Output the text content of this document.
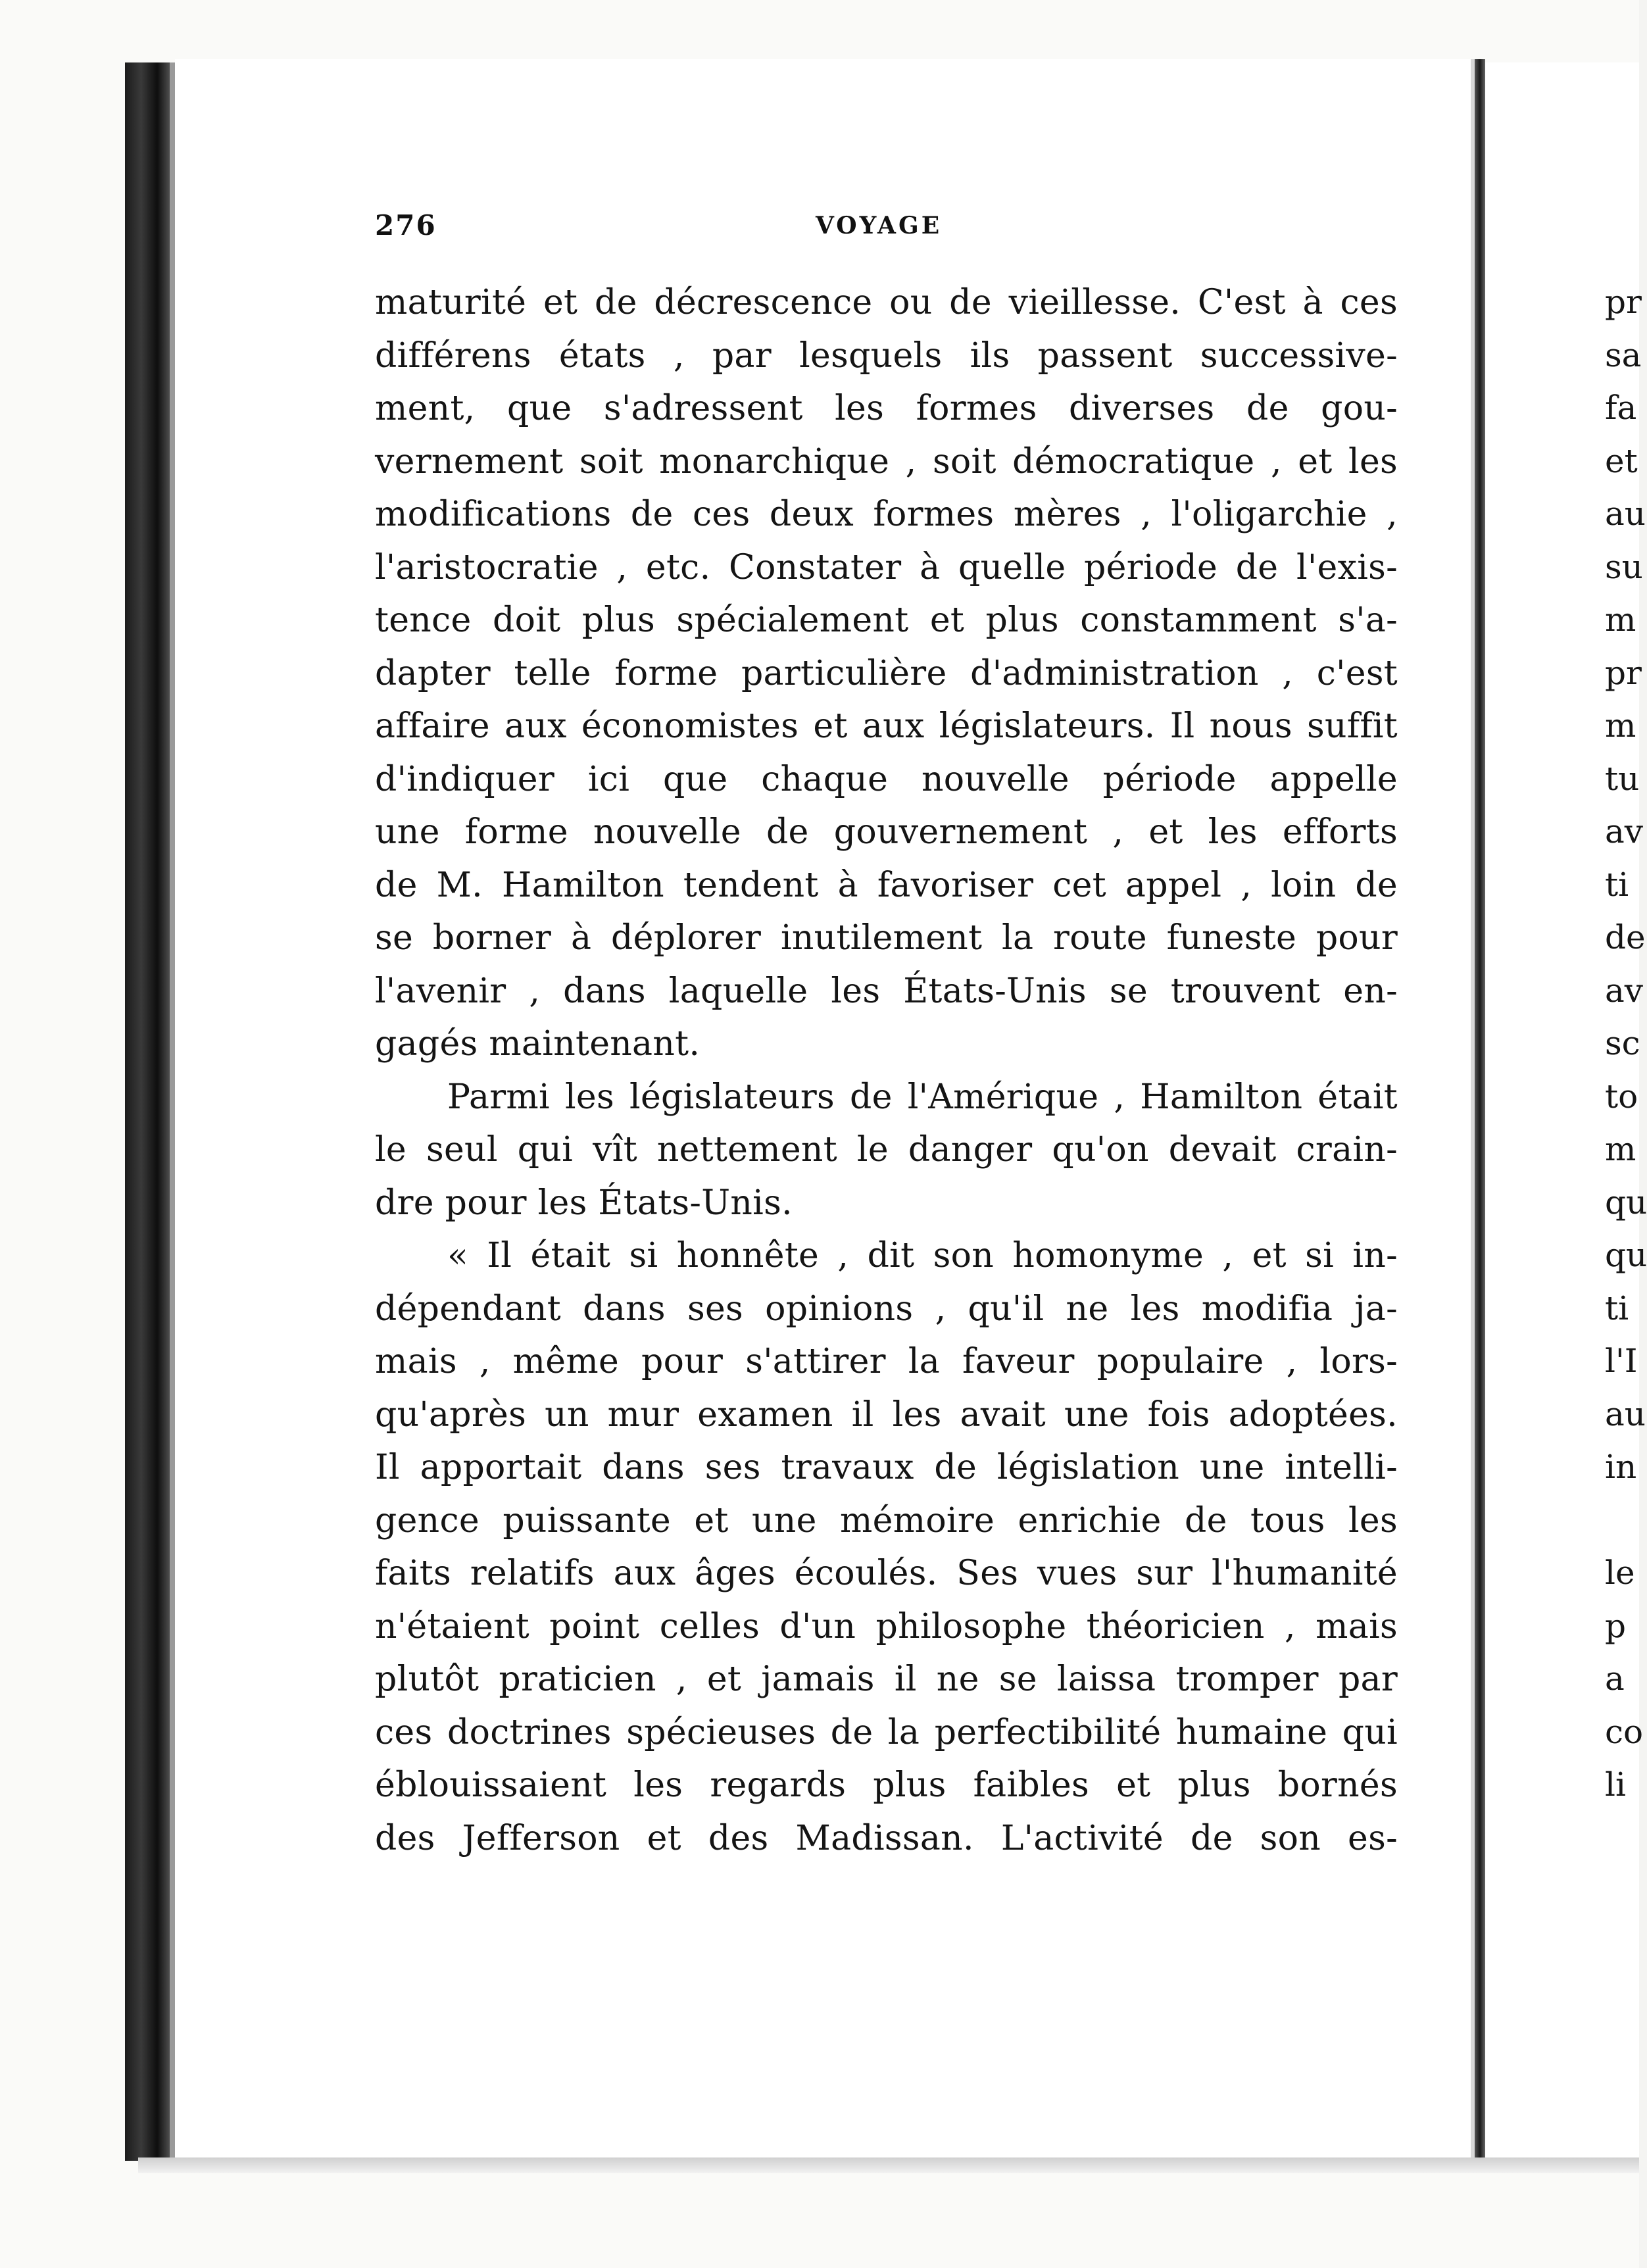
276	VOYAGE
maturité et de décrescence ou de vieillesse. C'est à ces
différens états , par lesquels ils passent successive-
ment, que s'adressent les formes diverses de gou-
vernement soit monarchique , soit démocratique , et les
modifications de ces deux formes mères , l'oligarchie ,
l'aristocratie , etc. Constater à quelle période de l'exis-
tence doit plus spécialement et plus constamment s'a-
dapter telle forme particulière d'administration , c'est
affaire aux économistes et aux législateurs. Il nous suffit
d'indiquer ici que chaque nouvelle période appelle
une forme nouvelle de gouvernement , et les efforts
de M. Hamilton tendent à favoriser cet appel , loin de
se borner à déplorer inutilement la route funeste pour
l'avenir , dans laquelle les États-Unis se trouvent en-
gagés maintenant.
Parmi les législateurs de l'Amérique , Hamilton était
le seul qui vît nettement le danger qu'on devait crain-
dre pour les États-Unis.
« Il était si honnête , dit son homonyme , et si in-
dépendant dans ses opinions , qu'il ne les modifia ja-
mais , même pour s'attirer la faveur populaire , lors-
qu'après un mur examen il les avait une fois adoptées.
Il apportait dans ses travaux de législation une intelli-
gence puissante et une mémoire enrichie de tous les
faits relatifs aux âges écoulés. Ses vues sur l'humanité
n'étaient point celles d'un philosophe théoricien , mais
plutôt praticien , et jamais il ne se laissa tromper par
ces doctrines spécieuses de la perfectibilité humaine qui
éblouissaient les regards plus faibles et plus bornés
des Jefferson et des Madissan. L'activité de son es-
pr
sa
fa
et
au
su
m
pr
m
tu
av
ti
de
av
sc
to
m
qu
qu
ti
l'I
au
in
le
p
a
co
li
